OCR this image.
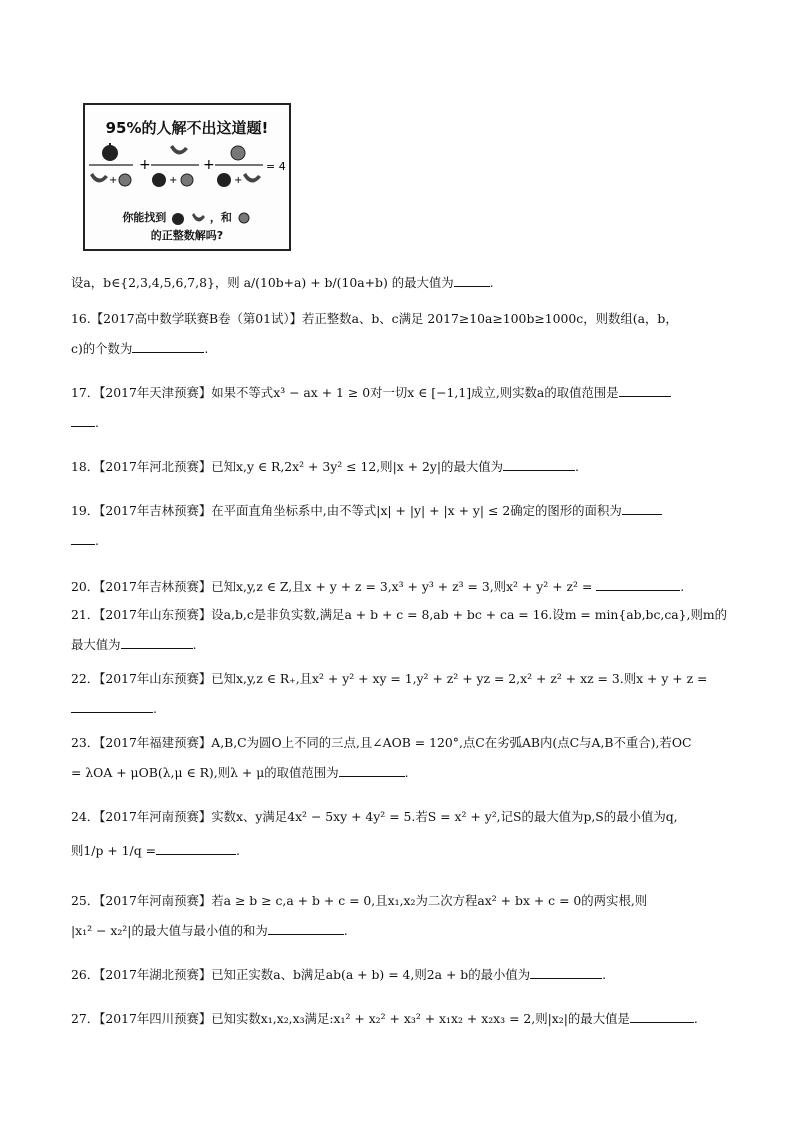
95%的人解不出这道题!
+
+
+
+
+
= 4
你能找到	，和
的正整数解吗?
设a，b∈{2,3,4,5,6,7,8}，则 a/(10b+a) + b/(10a+b) 的最大值为	.
16.【2017高中数学联赛B卷（第01试）】若正整数a、b、c满足 2017≥10a≥100b≥1000c，则数组(a，b，
c)的个数为	.
17．【2017年天津预赛】如果不等式x³ − ax + 1 ≥ 0对一切x ∈ [−1,1]成立,则实数a的取值范围是
.
18．【2017年河北预赛】已知x,y ∈ R,2x² + 3y² ≤ 12,则|x + 2y|的最大值为	.
19．【2017年吉林预赛】在平面直角坐标系中,由不等式|x| + |y| + |x + y| ≤ 2确定的图形的面积为
.
20．【2017年吉林预赛】已知x,y,z ∈ Z,且x + y + z = 3,x³ + y³ + z³ = 3,则x² + y² + z² =	.
21．【2017年山东预赛】设a,b,c是非负实数,满足a + b + c = 8,ab + bc + ca = 16.设m = min{ab,bc,ca},则m的
最大值为	.
22．【2017年山东预赛】已知x,y,z ∈ R₊,且x² + y² + xy = 1,y² + z² + yz = 2,x² + z² + xz = 3.则x + y + z =
.
23．【2017年福建预赛】A,B,C为圆O上不同的三点,且∠AOB = 120°,点C在劣弧AB内(点C与A,B不重合),若OC
= λOA + μOB(λ,μ ∈ R),则λ + μ的取值范围为	.
24．【2017年河南预赛】实数x、y满足4x² − 5xy + 4y² = 5.若S = x² + y²,记S的最大值为p,S的最小值为q,
则1/p + 1/q =	.
25．【2017年河南预赛】若a ≥ b ≥ c,a + b + c = 0,且x₁,x₂为二次方程ax² + bx + c = 0的两实根,则
|x₁² − x₂²|的最大值与最小值的和为	.
26．【2017年湖北预赛】已知正实数a、b满足ab(a + b) = 4,则2a + b的最小值为	.
27．【2017年四川预赛】已知实数x₁,x₂,x₃满足:x₁² + x₂² + x₃² + x₁x₂ + x₂x₃ = 2,则|x₂|的最大值是	.
